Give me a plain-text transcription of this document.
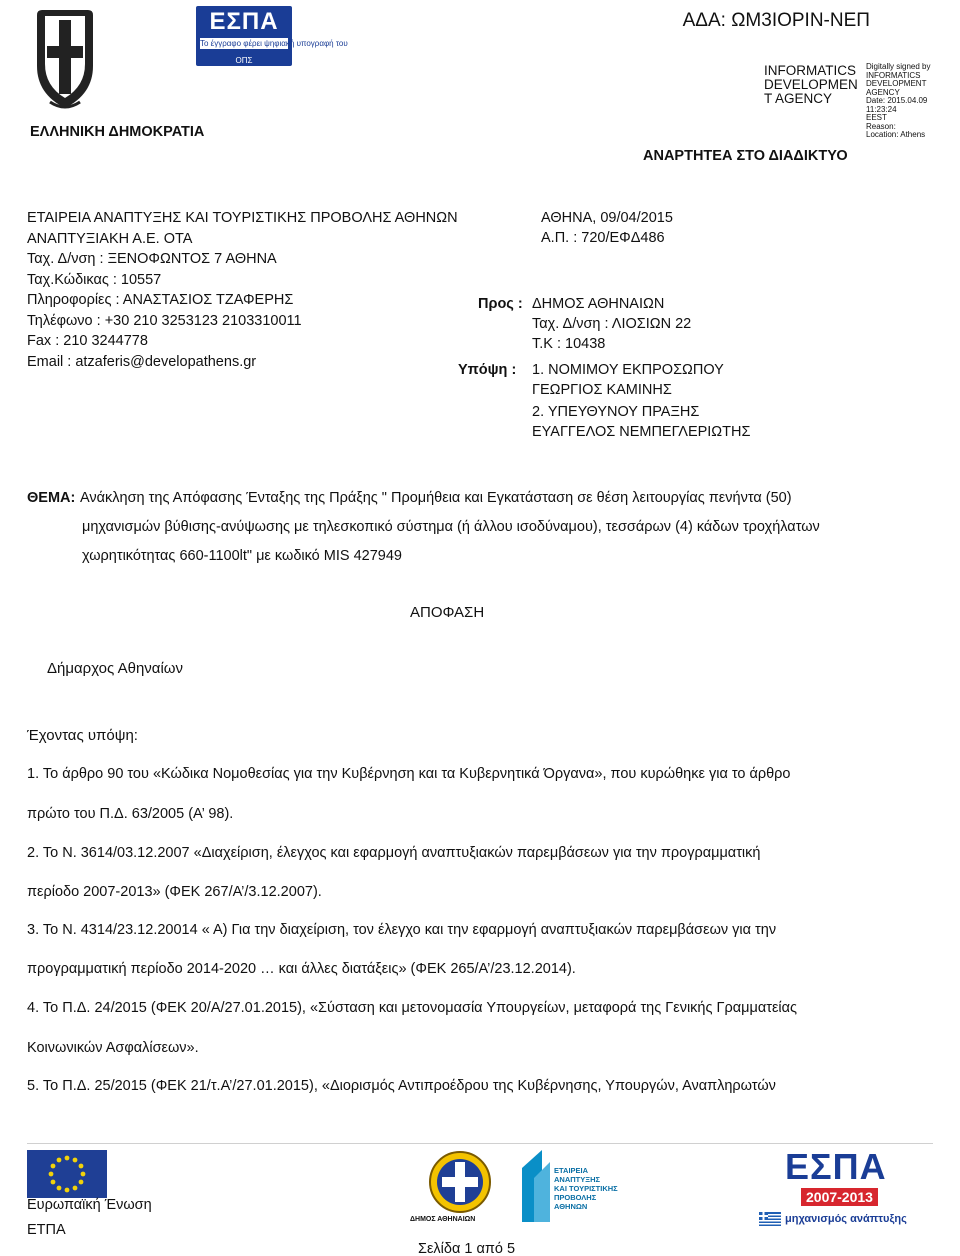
ΕΣΠΑ
Το έγγραφο φέρει ψηφιακή υπογραφή του
ΟΠΣ
ΑΔΑ: ΩΜ3ΙΟΡΙΝ-ΝΕΠ
INFORMATICS
DEVELOPMEN
T AGENCY
Digitally signed by
INFORMATICS
DEVELOPMENT AGENCY
Date: 2015.04.09 11:23:24
EEST
Reason:
Location: Athens
ΕΛΛΗΝΙΚΗ ΔΗΜΟΚΡΑΤΙΑ
ΑΝΑΡΤΗΤΕΑ ΣΤΟ ΔΙΑΔΙΚΤΥΟ
ΕΤΑΙΡΕΙΑ ΑΝΑΠΤΥΞΗΣ ΚΑΙ ΤΟΥΡΙΣΤΙΚΗΣ ΠΡΟΒΟΛΗΣ ΑΘΗΝΩΝ
ΑΝΑΠΤΥΞΙΑΚΗ Α.Ε. ΟΤΑ
Ταχ. Δ/νση : ΞΕΝΟΦΩΝΤΟΣ 7 ΑΘΗΝΑ
Ταχ.Κώδικας : 10557
Πληροφορίες : ΑΝΑΣΤΑΣΙΟΣ ΤΖΑΦΕΡΗΣ
Τηλέφωνο : +30 210 3253123 2103310011
Fax : 210 3244778
Email : atzaferis@developathens.gr
ΑΘΗΝΑ, 09/04/2015
Α.Π. : 720/ΕΦΔ486
Προς : ΔΗΜΟΣ ΑΘΗΝΑΙΩΝ
Ταχ. Δ/νση : ΛΙΟΣΙΩΝ 22
Τ.Κ : 10438
Υπόψη : 1. ΝΟΜΙΜΟΥ ΕΚΠΡΟΣΩΠΟΥ
ΓΕΩΡΓΙΟΣ ΚΑΜΙΝΗΣ
2. ΥΠΕΥΘΥΝΟΥ ΠΡΑΞΗΣ
ΕΥΑΓΓΕΛΟΣ ΝΕΜΠΕΓΛΕΡΙΩΤΗΣ
ΘΕΜΑ: Ανάκληση της Απόφασης Ένταξης της Πράξης " Προμήθεια και Εγκατάσταση σε θέση λειτουργίας πενήντα (50)
μηχανισμών βύθισης-ανύψωσης με τηλεσκοπικό σύστημα (ή άλλου ισοδύναμου), τεσσάρων (4) κάδων τροχήλατων
χωρητικότητας 660-1100lt" με κωδικό MIS 427949
ΑΠΟΦΑΣΗ
Δήμαρχος Αθηναίων
Έχοντας υπόψη:
1. Το άρθρο 90 του «Κώδικα Νομοθεσίας για την Κυβέρνηση και τα Κυβερνητικά Όργανα», που κυρώθηκε για το άρθρο
πρώτο του Π.Δ. 63/2005 (Α’ 98).
2. Το Ν. 3614/03.12.2007 «Διαχείριση, έλεγχος και εφαρμογή αναπτυξιακών παρεμβάσεων για την προγραμματική
περίοδο 2007-2013» (ΦΕΚ 267/Α’/3.12.2007).
3. Το Ν. 4314/23.12.20014 « Α) Για την διαχείριση, τον έλεγχο και την εφαρμογή αναπτυξιακών παρεμβάσεων για την
προγραμματική περίοδο 2014-2020 … και άλλες διατάξεις» (ΦΕΚ 265/Α’/23.12.2014).
4. Το Π.Δ. 24/2015 (ΦΕΚ 20/Α/27.01.2015), «Σύσταση και μετονομασία Υπουργείων, μεταφορά της Γενικής Γραμματείας
Κοινωνικών Ασφαλίσεων».
5. Το Π.Δ. 25/2015 (ΦΕΚ 21/τ.Α’/27.01.2015), «Διορισμός Αντιπροέδρου της Κυβέρνησης, Υπουργών, Αναπληρωτών
Ευρωπαϊκή Ένωση
ΕΤΠΑ
ΔΗΜΟΣ ΑΘΗΝΑΙΩΝ
ΕΤΑΙΡΕΙΑ
ΑΝΑΠΤΥΞΗΣ
ΚΑΙ ΤΟΥΡΙΣΤΙΚΗΣ
ΠΡΟΒΟΛΗΣ
ΑΘΗΝΩΝ
ΕΣΠΑ
2007-2013
μηχανισμός ανάπτυξης
Σελίδα 1 από 5
